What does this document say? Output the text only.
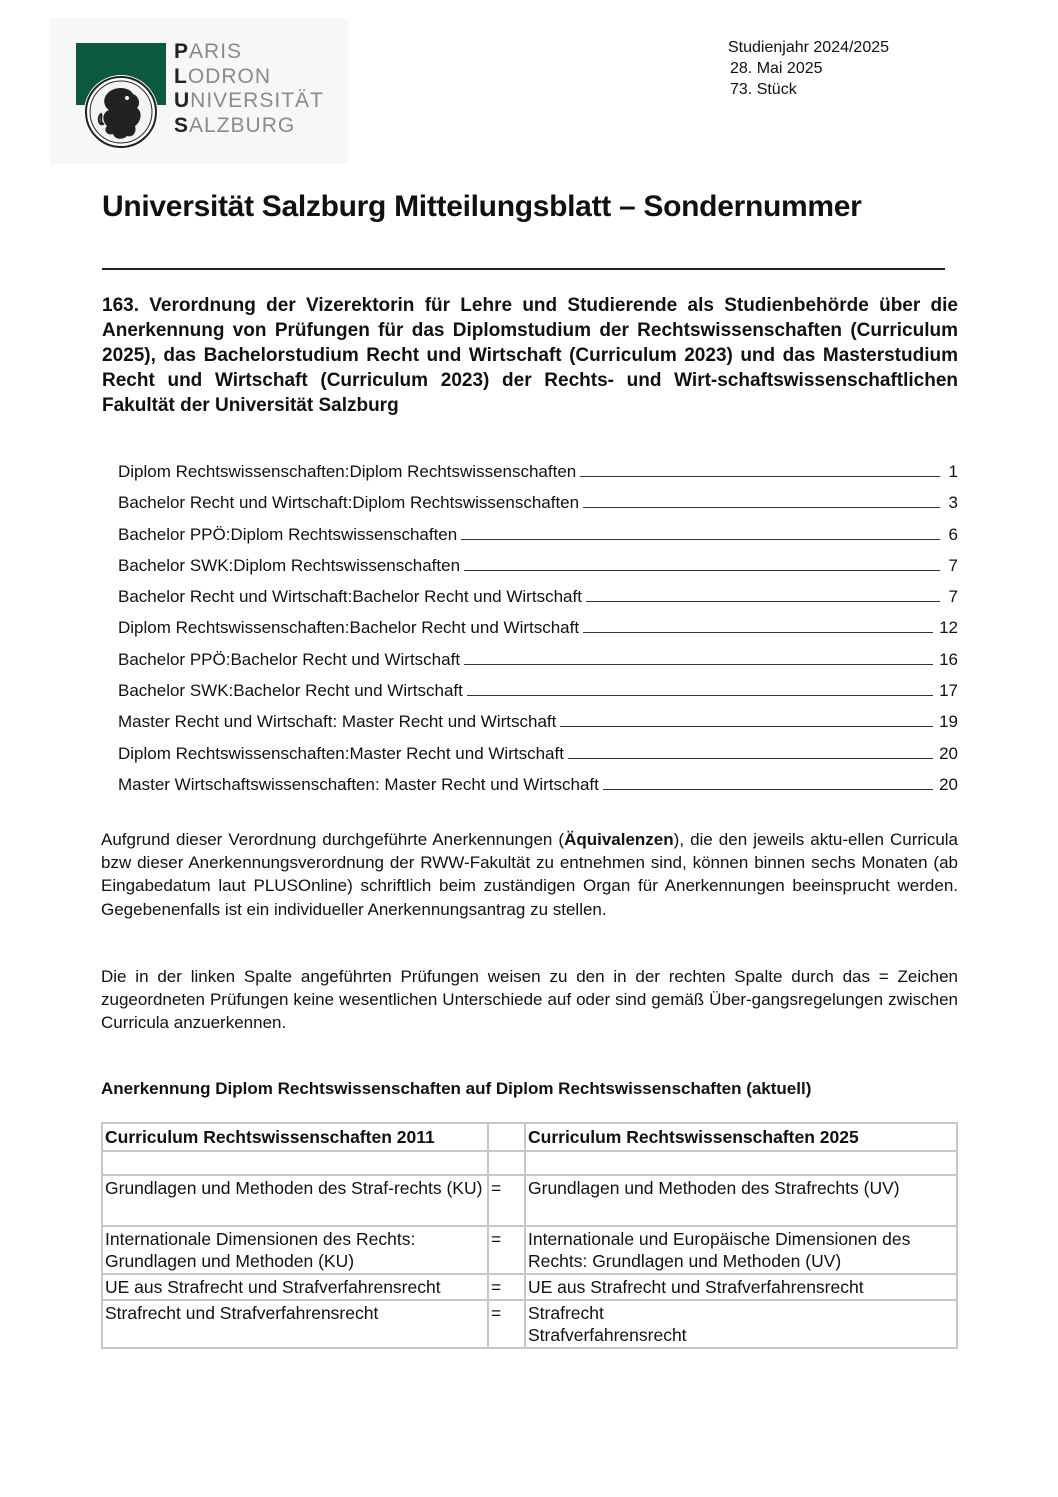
PARIS
LODRON
UNIVERSITÄT
SALZBURG
Studienjahr 2024/2025
28. Mai 2025
73. Stück
Universität Salzburg Mitteilungsblatt – Sondernummer

163. Verordnung der Vizerektorin für Lehre und Studierende als Studienbehörde über die Anerkennung von Prüfungen für das Diplomstudium der Rechtswissenschaften (Curriculum 2025), das Bachelorstudium Recht und Wirtschaft (Curriculum 2023) und das Masterstudium Recht und Wirtschaft (Curriculum 2023) der Rechts- und Wirt-schaftswissenschaftlichen Fakultät der Universität Salzburg

Diplom Rechtswissenschaften:Diplom Rechtswissenschaften	1
Bachelor Recht und Wirtschaft:Diplom Rechtswissenschaften	3
Bachelor PPÖ:Diplom Rechtswissenschaften	6
Bachelor SWK:Diplom Rechtswissenschaften	7
Bachelor Recht und Wirtschaft:Bachelor Recht und Wirtschaft	7
Diplom Rechtswissenschaften:Bachelor Recht und Wirtschaft	12
Bachelor PPÖ:Bachelor Recht und Wirtschaft	16
Bachelor SWK:Bachelor Recht und Wirtschaft	17
Master Recht und Wirtschaft: Master Recht und Wirtschaft	19
Diplom Rechtswissenschaften:Master Recht und Wirtschaft	20
Master Wirtschaftswissenschaften: Master Recht und Wirtschaft	20

Aufgrund dieser Verordnung durchgeführte Anerkennungen (Äquivalenzen), die den jeweils aktu-ellen Curricula bzw dieser Anerkennungsverordnung der RWW-Fakultät zu entnehmen sind, können binnen sechs Monaten (ab Eingabedatum laut PLUSOnline) schriftlich beim zuständigen Organ für Anerkennungen beeinsprucht werden. Gegebenenfalls ist ein individueller Anerkennungsantrag zu stellen.

Die in der linken Spalte angeführten Prüfungen weisen zu den in der rechten Spalte durch das = Zeichen zugeordneten Prüfungen keine wesentlichen Unterschiede auf oder sind gemäß Über-gangsregelungen zwischen Curricula anzuerkennen.

Anerkennung Diplom Rechtswissenschaften auf Diplom Rechtswissenschaften (aktuell)
Curriculum Rechtswissenschaften 2011		Curriculum Rechtswissenschaften 2025

Grundlagen und Methoden des Straf-rechts (KU)	=	Grundlagen und Methoden des Strafrechts (UV)
Internationale Dimensionen des Rechts: Grundlagen und Methoden (KU)	=	Internationale und Europäische Dimensionen des Rechts: Grundlagen und Methoden (UV)
UE aus Strafrecht und Strafverfahrensrecht	=	UE aus Strafrecht und Strafverfahrensrecht
Strafrecht und Strafverfahrensrecht	=	Strafrecht
Strafverfahrensrecht
